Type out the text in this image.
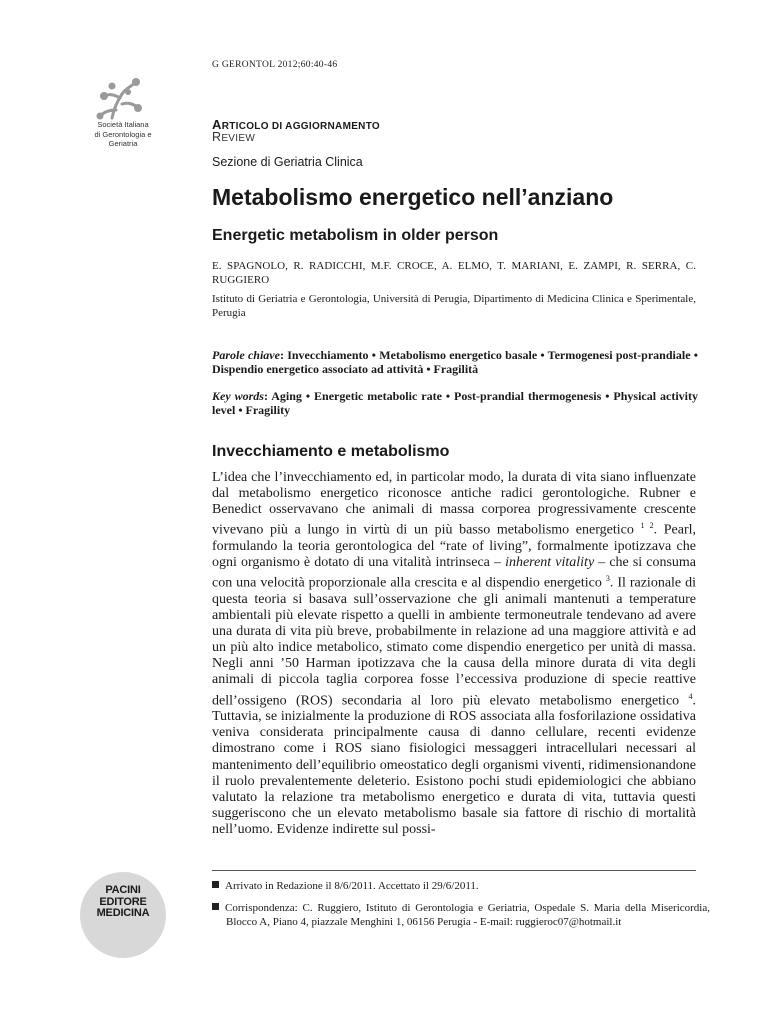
G GERONTOL 2012;60:40-46
Società Italiana
di Gerontologia e
Geriatria
ARTICOLO DI AGGIORNAMENTO
REVIEW
Sezione di Geriatria Clinica
Metabolismo energetico nell’anziano
Energetic metabolism in older person
E. SPAGNOLO, R. RADICCHI, M.F. CROCE, A. ELMO, T. MARIANI, E. ZAMPI, R. SERRA, C. RUGGIERO
Istituto di Geriatria e Gerontologia, Università di Perugia, Dipartimento di Medicina Clinica e Sperimentale, Perugia
Parole chiave: Invecchiamento • Metabolismo energetico basale • Termogenesi post-prandiale • Dispendio energetico associato ad attività • Fragilità
Key words: Aging • Energetic metabolic rate • Post-prandial thermogenesis • Physical activity level • Fragility
Invecchiamento e metabolismo
L’idea che l’invecchiamento ed, in particolar modo, la durata di vita siano influenzate dal metabolismo energetico riconosce antiche radici gerontologiche. Rubner e Benedict osservavano che animali di massa corporea progressivamente crescente vivevano più a lungo in virtù di un più basso metabolismo energetico $^{1 2}$. Pearl, formulando la teoria gerontologica del “rate of living”, formalmente ipotizzava che ogni organismo è dotato di una vitalità intrinseca – inherent vitality – che si consuma con una velocità proporzionale alla crescita e al dispendio energetico $^3$. Il razionale di questa teoria si basava sull’osservazione che gli animali mantenuti a temperature ambientali più elevate rispetto a quelli in ambiente termoneutrale tendevano ad avere una durata di vita più breve, probabilmente in relazione ad una maggiore attività e ad un più alto indice metabolico, stimato come dispendio energetico per unità di massa. Negli anni ’50 Harman ipotizzava che la causa della minore durata di vita degli animali di piccola taglia corporea fosse l’eccessiva produzione di specie reattive dell’ossigeno (ROS) secondaria al loro più elevato metabolismo energetico $^4$. Tuttavia, se inizialmente la produzione di ROS associata alla fosforilazione ossidativa veniva considerata principalmente causa di danno cellulare, recenti evidenze dimostrano come i ROS siano fisiologici messaggeri intracellulari necessari al mantenimento dell’equilibrio omeostatico degli organismi viventi, ridimensionandone il ruolo prevalentemente deleterio. Esistono pochi studi epidemiologici che abbiano valutato la relazione tra metabolismo energetico e durata di vita, tuttavia questi suggeriscono che un elevato metabolismo basale sia fattore di rischio di mortalità nell’uomo. Evidenze indirette sul possi-
Arrivato in Redazione il 8/6/2011. Accettato il 29/6/2011.
Corrispondenza: C. Ruggiero, Istituto di Gerontologia e Geriatria, Ospedale S. Maria della Misericordia, Blocco A, Piano 4, piazzale Menghini 1, 06156 Perugia - E-mail: ruggieroc07@hotmail.it
PACINI
EDITORE
MEDICINA
